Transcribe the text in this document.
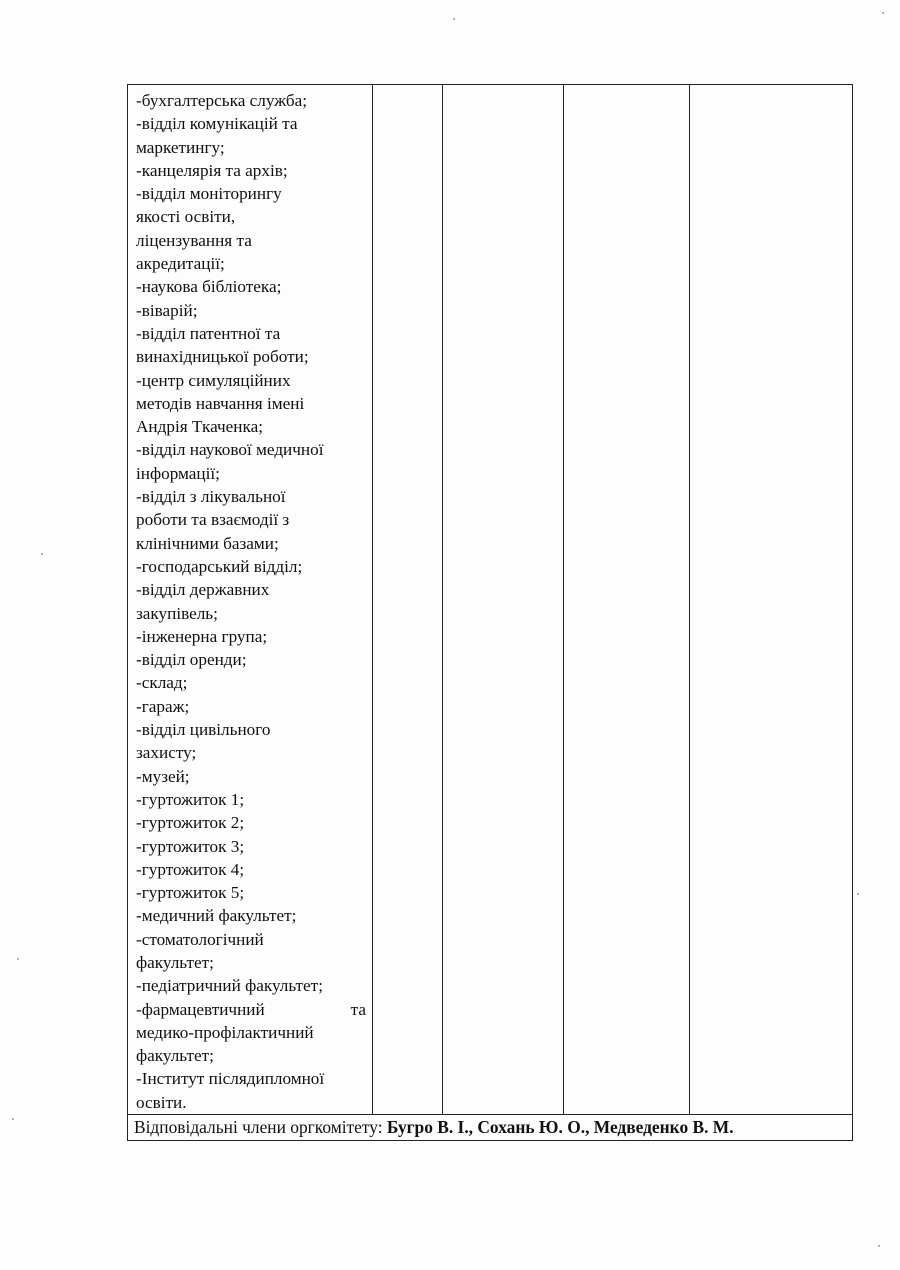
-бухгалтерська служба;
-відділ комунікацій та
маркетингу;
-канцелярія та архів;
-відділ моніторингу
якості освіти,
ліцензування та
акредитації;
-наукова бібліотека;
-віварій;
-відділ патентної та
винахідницької роботи;
-центр симуляційних
методів навчання імені
Андрія Ткаченка;
-відділ наукової медичної
інформації;
-відділ з лікувальної
роботи та взаємодії з
клінічними базами;
-господарський відділ;
-відділ державних
закупівель;
-інженерна група;
-відділ оренди;
-склад;
-гараж;
-відділ цивільного
захисту;
-музей;
-гуртожиток 1;
-гуртожиток 2;
-гуртожиток 3;
-гуртожиток 4;
-гуртожиток 5;
-медичний факультет;
-стоматологічний
факультет;
-педіатричний факультет;
-фармацевтичний	та
медико-профілактичний
факультет;
-Інститут післядипломної
освіти.

Відповідальні члени оргкомітету: Бугро В. І., Сохань Ю. О., Медведенко В. М.
